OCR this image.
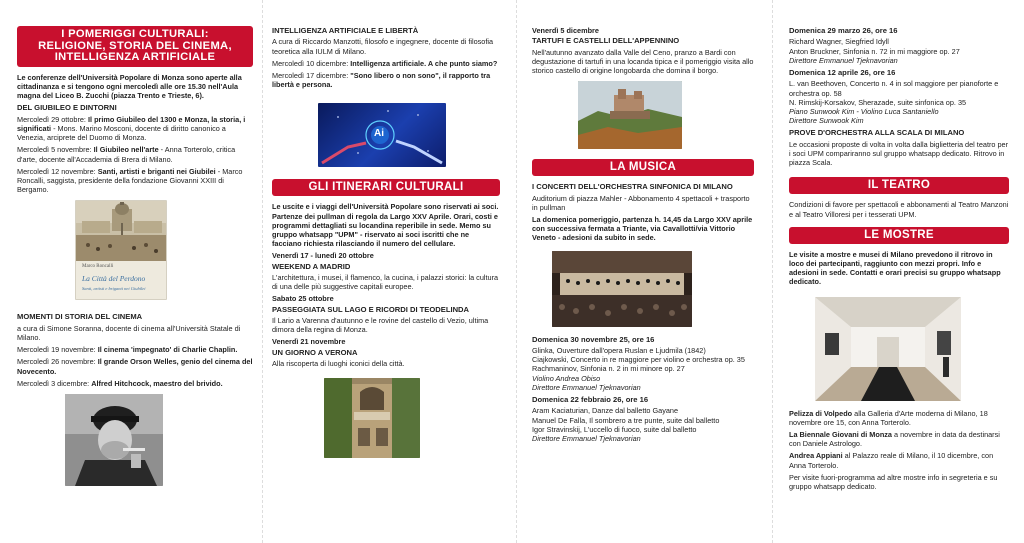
I POMERIGGI CULTURALI:
RELIGIONE, STORIA DEL CINEMA,
INTELLIGENZA ARTIFICIALE

Le conferenze dell'Università Popolare di Monza sono aperte alla cittadinanza e si tengono ogni mercoledì alle ore 15.30 nell'Aula magna del Liceo B. Zucchi (piazza Trento e Trieste, 6).

DEL GIUBILEO E DINTORNI

Mercoledì 29 ottobre: Il primo Giubileo del 1300 e Monza, la storia, i significati - Mons. Marino Mosconi, docente di diritto canonico a Venezia, arciprete del Duomo di Monza.

Mercoledì 5 novembre: Il Giubileo nell'arte - Anna Torterolo, critica d'arte, docente all'Accademia di Brera di Milano.

Mercoledì 12 novembre: Santi, artisti e briganti nei Giubilei - Marco Roncalli, saggista, presidente della fondazione Giovanni XXIII di Bergamo.

Marco Roncalli
La Città del Perdono
Santi, artisti e briganti nei Giubilei
MOMENTI DI STORIA DEL CINEMA

a cura di Simone Soranna, docente di cinema all'Università Statale di Milano.

Mercoledì 19 novembre: Il cinema 'impegnato' di Charlie Chaplin.

Mercoledì 26 novembre: Il grande Orson Welles, genio del cinema del Novecento.

Mercoledì 3 dicembre: Alfred Hitchcock, maestro del brivido.

INTELLIGENZA ARTIFICIALE E LIBERTÀ

A cura di Riccardo Manzotti, filosofo e ingegnere, docente di filosofia teoretica alla IULM di Milano.

Mercoledì 10 dicembre: Intelligenza artificiale. A che punto siamo?

Mercoledì 17 dicembre: "Sono libero o non sono", il rapporto tra libertà e persona.

Ai
GLI ITINERARI CULTURALI

Le uscite e i viaggi dell'Università Popolare sono riservati ai soci. Partenze dei pullman di regola da Largo XXV Aprile. Orari, costi e programmi dettagliati su locandina reperibile in sede. Memo su gruppo whatsapp "UPM" - riservato ai soci iscritti che ne facciano richiesta rilasciando il numero del cellulare.

Venerdì 17 - lunedì 20 ottobre

WEEKEND A MADRID

L'architettura, i musei, il flamenco, la cucina, i palazzi storici: la cultura di una delle più suggestive capitali europee.

Sabato 25 ottobre

PASSEGGIATA SUL LAGO E RICORDI DI TEODELINDA

Il Lario a Varenna d'autunno e le rovine del castello di Vezio, ultima dimora della regina di Monza.

Venerdì 21 novembre

UN GIORNO A VERONA

Alla riscoperta di luoghi iconici della città.

Venerdì 5 dicembre

TARTUFI E CASTELLI DELL'APPENNINO

Nell'autunno avanzato dalla Valle del Ceno, pranzo a Bardi con degustazione di tartufi in una locanda tipica e il pomeriggio visita allo storico castello di origine longobarda che domina il borgo.

LA MUSICA
I CONCERTI DELL'ORCHESTRA SINFONICA DI MILANO

Auditorium di piazza Mahler - Abbonamento 4 spettacoli + trasporto in pullman

La domenica pomeriggio, partenza h. 14,45 da Largo XXV aprile con successiva fermata a Triante, via Cavallotti/via Vittorio Veneto - adesioni da subito in sede.

Domenica 30 novembre 25, ore 16

Glinka, Ouverture dall'opera Ruslan e Ljudmila (1842)

Ciajkowski, Concerto in re maggiore per violino e orchestra op. 35

Rachmaninov, Sinfonia n. 2 in mi minore op. 27

Violino Andrea Obiso

Direttore Emmanuel Tjeknavorian

Domenica 22 febbraio 26, ore 16

Aram Kaciaturian, Danze dal balletto Gayane

Manuel De Falla, Il sombrero a tre punte, suite dal balletto

Igor Stravinskij, L'uccello di fuoco, suite dal balletto

Direttore Emmanuel Tjeknavorian

Domenica 29 marzo 26, ore 16

Richard Wagner, Siegfried Idyll

Anton Bruckner, Sinfonia n. 72 in mi maggiore op. 27

Direttore Emmanuel Tjeknavorian

Domenica 12 aprile 26, ore 16

L. van Beethoven, Concerto n. 4 in sol maggiore per pianoforte e orchestra op. 58

N. Rimskij-Korsakov, Sherazade, suite sinfonica op. 35

Piano Sunwook Kim - Violino Luca Santaniello

Direttore Sunwook Kim

PROVE D'ORCHESTRA ALLA SCALA DI MILANO

Le occasioni proposte di volta in volta dalla biglietteria del teatro per i soci UPM compariranno sul gruppo whatsapp dedicato. Ritrovo in piazza Scala.

IL TEATRO

Condizioni di favore per spettacoli e abbonamenti al Teatro Manzoni e al Teatro Villoresi per i tesserati UPM.

LE MOSTRE

Le visite a mostre e musei di Milano prevedono il ritrovo in loco dei partecipanti, raggiunto con mezzi propri. Info e adesioni in sede. Contatti e orari precisi su gruppo whatsapp dedicato.

Pelizza di Volpedo alla Galleria d'Arte moderna di Milano, 18 novembre ore 15, con Anna Torterolo.

La Biennale Giovani di Monza a novembre in data da destinarsi con Daniele Astrologo.

Andrea Appiani al Palazzo reale di Milano, il 10 dicembre, con Anna Torterolo.

Per visite fuori-programma ad altre mostre info in segreteria e su gruppo whatsapp dedicato.
